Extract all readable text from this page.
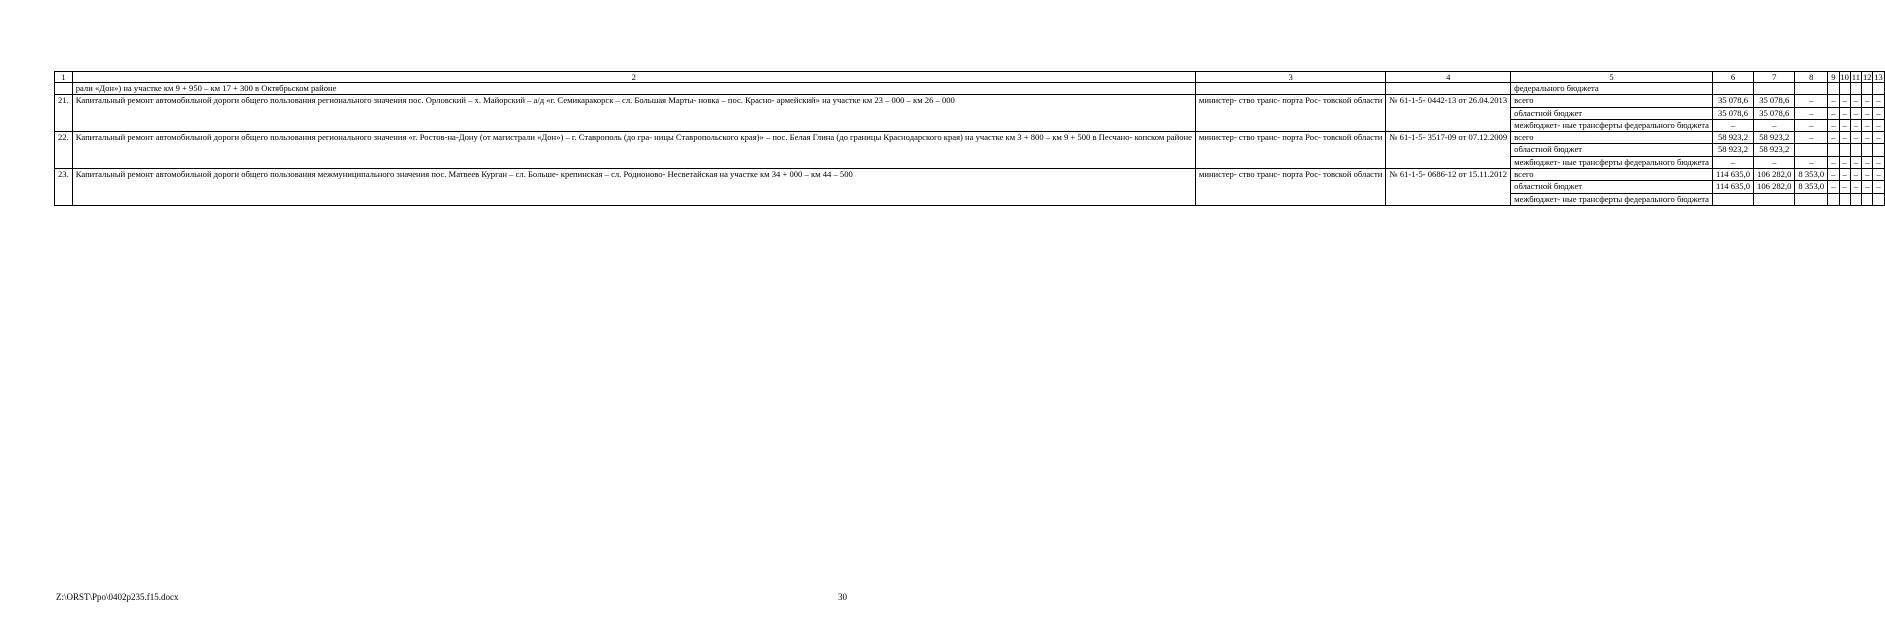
1	2	3	4	5	6	7	8	9	10	11	12	13
	рали «Дон») на участке км 9 + 950 – км 17 + 300 в Октябрьском районе			федерального бюджета								
21.	Капитальный ремонт автомобильной дороги общего пользования регионального значения пос. Орловский – х. Майорский – а/д «г. Семикаракорск – сл. Большая Марты- новка – пос. Красно- армейский» на участке км 23 – 000 – км 26 – 000	министер- ство транс- порта Рос- товской области	№ 61-1-5- 0442-13 от 26.04.2013	всего	35 078,6	35 078,6	–	–	–	–	–	–
				областной бюджет	35 078,6	35 078,6	–	–	–	–	–	–
				межбюджет- ные трансферты федерального бюджета	–	–	–	–	–	–	–	–
22.	Капитальный ремонт автомобильной дороги общего пользования регионального значения «г. Ростов-на-Дону (от магистрали «Дон») – г. Ставрополь (до гра- ницы Ставропольского края)» – пос. Белая Глина (до границы Краснодарского края) на участке км 3 + 800 – км 9 + 500 в Песчано- копском районе	министер- ство транс- порта Рос- товской области	№ 61-1-5- 3517-09 от 07.12.2009	всего	58 923,2	58 923,2	–	–	–	–	–	–
				областной бюджет	58 923,2	58 923,2						
				межбюджет- ные трансферты федерального бюджета	–	–	–	–	–	–	–	–
23.	Капитальный ремонт автомобильной дороги общего пользования межмуниципального значения пос. Матвеев Курган – сл. Больше- крепинская – сл. Родионово- Несветайская на участке км 34 + 000 – км 44 – 500	министер- ство транс- порта Рос- товской области	№ 61-1-5- 0686-12 от 15.11.2012	всего	114 635,0	106 282,0	8 353,0	–	–	–	–	–
				областной бюджет	114 635,0	106 282,0	8 353,0	–	–	–	–	–
				межбюджет- ные трансферты федерального бюджета								
Z:\ORST\Ppo\0402p235.f15.docx	30
